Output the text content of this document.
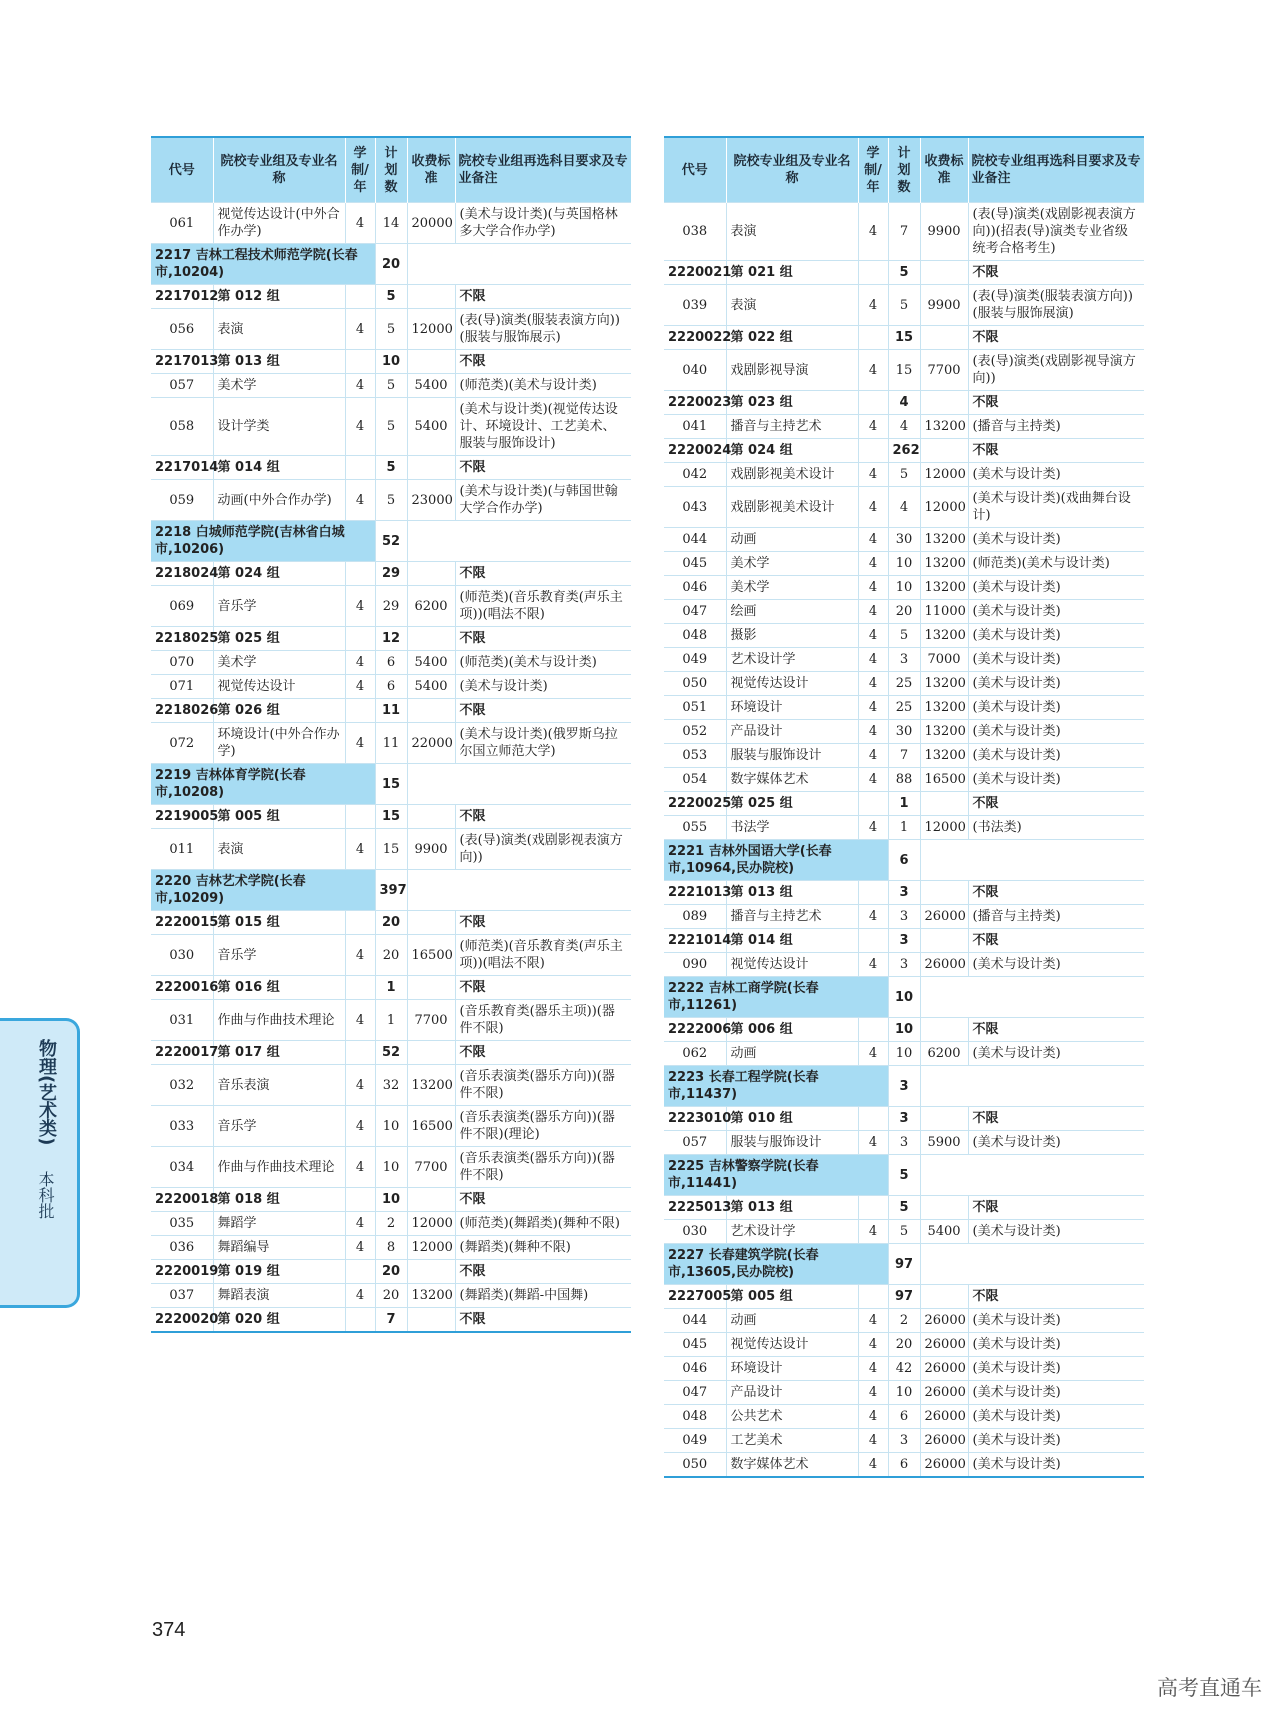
代号	院校专业组及专业名称	学制/年	计划数	收费标准	院校专业组再选科目要求及专业备注
061	视觉传达设计(中外合作办学)	4	14	20000	(美术与设计类)(与英国格林多大学合作办学)
2217 吉林工程技术师范学院(长春市,10204)			20		
2217012	第 012 组		5		不限
056	表演	4	5	12000	(表(导)演类(服装表演方向))(服装与服饰展示)
2217013	第 013 组		10		不限
057	美术学	4	5	5400	(师范类)(美术与设计类)
058	设计学类	4	5	5400	(美术与设计类)(视觉传达设计、环境设计、工艺美术、服装与服饰设计)
2217014	第 014 组		5		不限
059	动画(中外合作办学)	4	5	23000	(美术与设计类)(与韩国世翰大学合作办学)
2218 白城师范学院(吉林省白城市,10206)			52		
2218024	第 024 组		29		不限
069	音乐学	4	29	6200	(师范类)(音乐教育类(声乐主项))(唱法不限)
2218025	第 025 组		12		不限
070	美术学	4	6	5400	(师范类)(美术与设计类)
071	视觉传达设计	4	6	5400	(美术与设计类)
2218026	第 026 组		11		不限
072	环境设计(中外合作办学)	4	11	22000	(美术与设计类)(俄罗斯乌拉尔国立师范大学)
2219 吉林体育学院(长春市,10208)			15		
2219005	第 005 组		15		不限
011	表演	4	15	9900	(表(导)演类(戏剧影视表演方向))
2220 吉林艺术学院(长春市,10209)			397		
2220015	第 015 组		20		不限
030	音乐学	4	20	16500	(师范类)(音乐教育类(声乐主项))(唱法不限)
2220016	第 016 组		1		不限
031	作曲与作曲技术理论	4	1	7700	(音乐教育类(器乐主项))(器件不限)
2220017	第 017 组		52		不限
032	音乐表演	4	32	13200	(音乐表演类(器乐方向))(器件不限)
033	音乐学	4	10	16500	(音乐表演类(器乐方向))(器件不限)(理论)
034	作曲与作曲技术理论	4	10	7700	(音乐表演类(器乐方向))(器件不限)
2220018	第 018 组		10		不限
035	舞蹈学	4	2	12000	(师范类)(舞蹈类)(舞种不限)
036	舞蹈编导	4	8	12000	(舞蹈类)(舞种不限)
2220019	第 019 组		20		不限
037	舞蹈表演	4	20	13200	(舞蹈类)(舞蹈-中国舞)
2220020	第 020 组		7		不限
代号	院校专业组及专业名称	学制/年	计划数	收费标准	院校专业组再选科目要求及专业备注
038	表演	4	7	9900	(表(导)演类(戏剧影视表演方向))(招表(导)演类专业省级统考合格考生)
2220021	第 021 组		5		不限
039	表演	4	5	9900	(表(导)演类(服装表演方向))(服装与服饰展演)
2220022	第 022 组		15		不限
040	戏剧影视导演	4	15	7700	(表(导)演类(戏剧影视导演方向))
2220023	第 023 组		4		不限
041	播音与主持艺术	4	4	13200	(播音与主持类)
2220024	第 024 组		262		不限
042	戏剧影视美术设计	4	5	12000	(美术与设计类)
043	戏剧影视美术设计	4	4	12000	(美术与设计类)(戏曲舞台设计)
044	动画	4	30	13200	(美术与设计类)
045	美术学	4	10	13200	(师范类)(美术与设计类)
046	美术学	4	10	13200	(美术与设计类)
047	绘画	4	20	11000	(美术与设计类)
048	摄影	4	5	13200	(美术与设计类)
049	艺术设计学	4	3	7000	(美术与设计类)
050	视觉传达设计	4	25	13200	(美术与设计类)
051	环境设计	4	25	13200	(美术与设计类)
052	产品设计	4	30	13200	(美术与设计类)
053	服装与服饰设计	4	7	13200	(美术与设计类)
054	数字媒体艺术	4	88	16500	(美术与设计类)
2220025	第 025 组		1		不限
055	书法学	4	1	12000	(书法类)
2221 吉林外国语大学(长春市,10964,民办院校)			6		
2221013	第 013 组		3		不限
089	播音与主持艺术	4	3	26000	(播音与主持类)
2221014	第 014 组		3		不限
090	视觉传达设计	4	3	26000	(美术与设计类)
2222 吉林工商学院(长春市,11261)			10		
2222006	第 006 组		10		不限
062	动画	4	10	6200	(美术与设计类)
2223 长春工程学院(长春市,11437)			3		
2223010	第 010 组		3		不限
057	服装与服饰设计	4	3	5900	(美术与设计类)
2225 吉林警察学院(长春市,11441)			5		
2225013	第 013 组		5		不限
030	艺术设计学	4	5	5400	(美术与设计类)
2227 长春建筑学院(长春市,13605,民办院校)			97		
2227005	第 005 组		97		不限
044	动画	4	2	26000	(美术与设计类)
045	视觉传达设计	4	20	26000	(美术与设计类)
046	环境设计	4	42	26000	(美术与设计类)
047	产品设计	4	10	26000	(美术与设计类)
048	公共艺术	4	6	26000	(美术与设计类)
049	工艺美术	4	3	26000	(美术与设计类)
050	数字媒体艺术	4	6	26000	(美术与设计类)
物理(艺术类)
本科批
374
高考直通车
